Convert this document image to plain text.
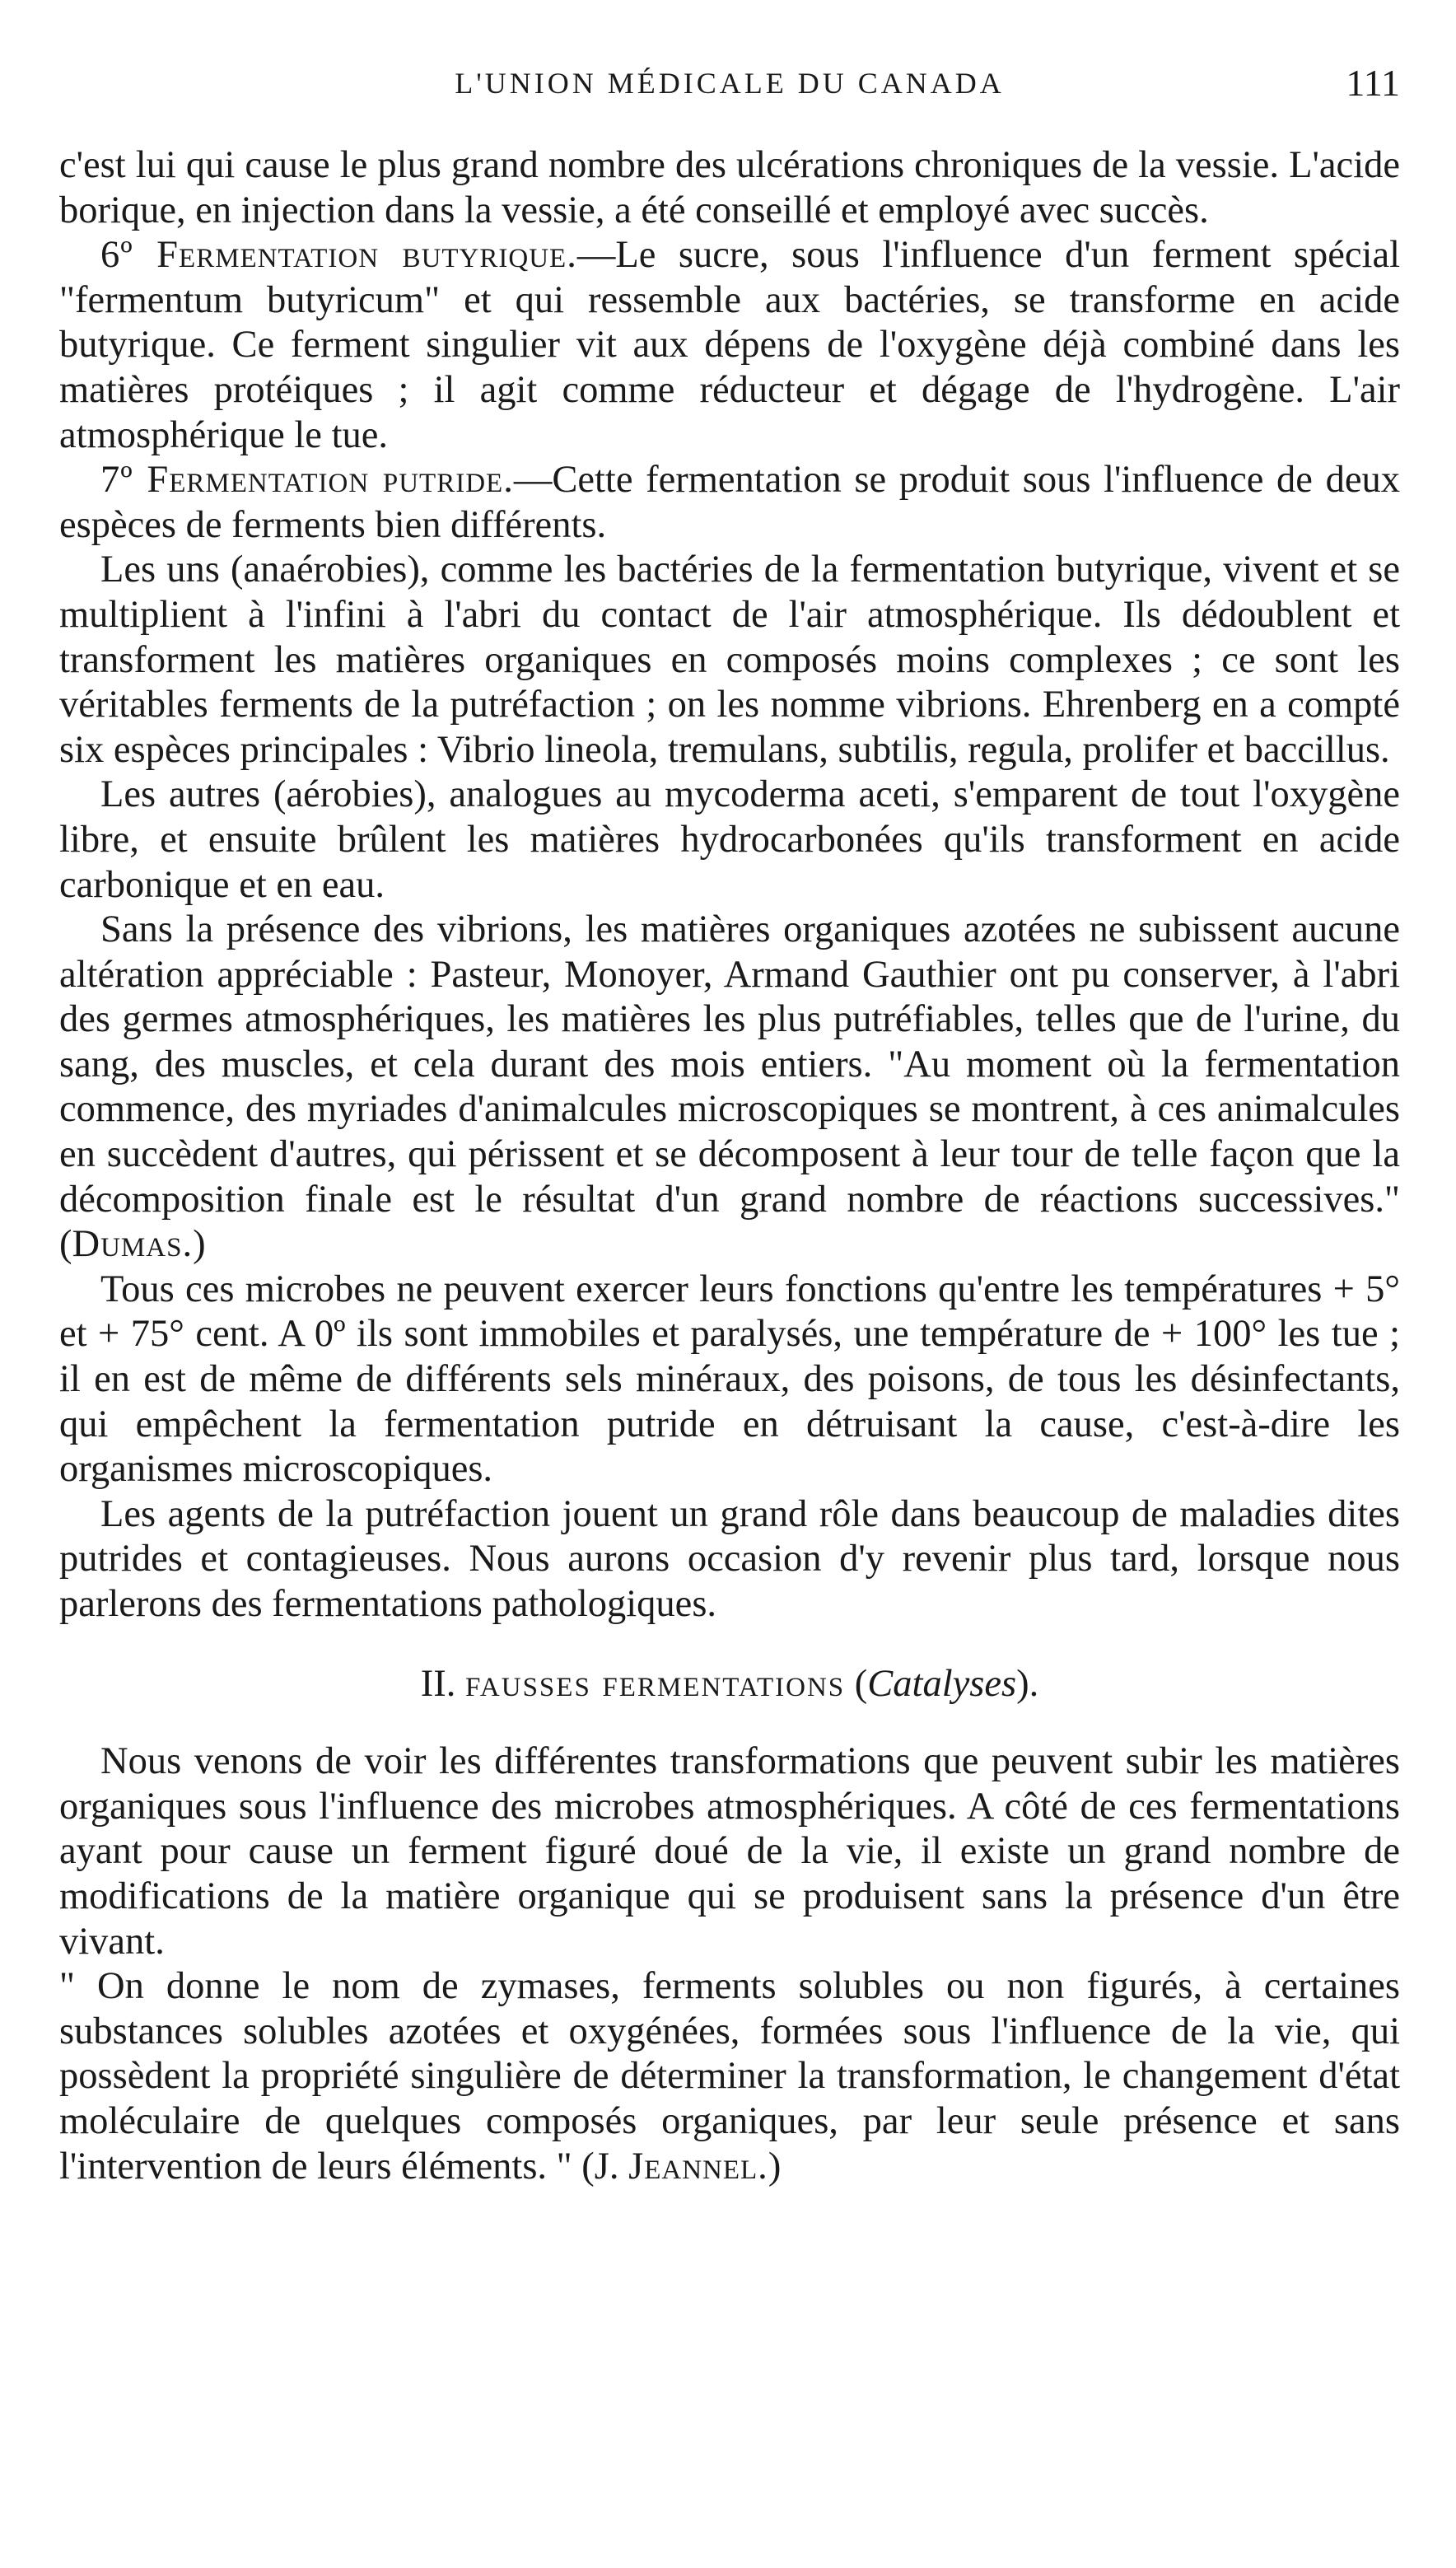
L'UNION MÉDICALE DU CANADA	111

c'est lui qui cause le plus grand nombre des ulcérations chroniques de la vessie. L'acide borique, en injection dans la vessie, a été conseillé et employé avec succès.

6º Fermentation butyrique.—Le sucre, sous l'influence d'un ferment spécial "fermentum butyricum" et qui ressemble aux bactéries, se transforme en acide butyrique. Ce ferment singulier vit aux dépens de l'oxygène déjà combiné dans les matières protéiques ; il agit comme réducteur et dégage de l'hydrogène. L'air atmosphérique le tue.

7º Fermentation putride.—Cette fermentation se produit sous l'influence de deux espèces de ferments bien différents.

Les uns (anaérobies), comme les bactéries de la fermentation butyrique, vivent et se multiplient à l'infini à l'abri du contact de l'air atmosphérique. Ils dédoublent et transforment les matières organiques en composés moins complexes ; ce sont les véritables ferments de la putréfaction ; on les nomme vibrions. Ehrenberg en a compté six espèces principales : Vibrio lineola, tremulans, subtilis, regula, prolifer et baccillus.

Les autres (aérobies), analogues au mycoderma aceti, s'emparent de tout l'oxygène libre, et ensuite brûlent les matières hydrocarbonées qu'ils transforment en acide carbonique et en eau.

Sans la présence des vibrions, les matières organiques azotées ne subissent aucune altération appréciable : Pasteur, Monoyer, Armand Gauthier ont pu conserver, à l'abri des germes atmosphériques, les matières les plus putréfiables, telles que de l'urine, du sang, des muscles, et cela durant des mois entiers. "Au moment où la fermentation commence, des myriades d'animalcules microscopiques se montrent, à ces animalcules en succèdent d'autres, qui périssent et se décomposent à leur tour de telle façon que la décomposition finale est le résultat d'un grand nombre de réactions successives." (Dumas.)

Tous ces microbes ne peuvent exercer leurs fonctions qu'entre les températures + 5° et + 75° cent. A 0º ils sont immobiles et paralysés, une température de + 100° les tue ; il en est de même de différents sels minéraux, des poisons, de tous les désinfectants, qui empêchent la fermentation putride en détruisant la cause, c'est-à-dire les organismes microscopiques.

Les agents de la putréfaction jouent un grand rôle dans beaucoup de maladies dites putrides et contagieuses. Nous aurons occasion d'y revenir plus tard, lorsque nous parlerons des fermentations pathologiques.

II. fausses fermentations (Catalyses).

Nous venons de voir les différentes transformations que peuvent subir les matières organiques sous l'influence des microbes atmosphériques. A côté de ces fermentations ayant pour cause un ferment figuré doué de la vie, il existe un grand nombre de modifications de la matière organique qui se produisent sans la présence d'un être vivant.

" On donne le nom de zymases, ferments solubles ou non figurés, à certaines substances solubles azotées et oxygénées, formées sous l'influence de la vie, qui possèdent la propriété singulière de déterminer la transformation, le changement d'état moléculaire de quelques composés organiques, par leur seule présence et sans l'intervention de leurs éléments. " (J. Jeannel.)
